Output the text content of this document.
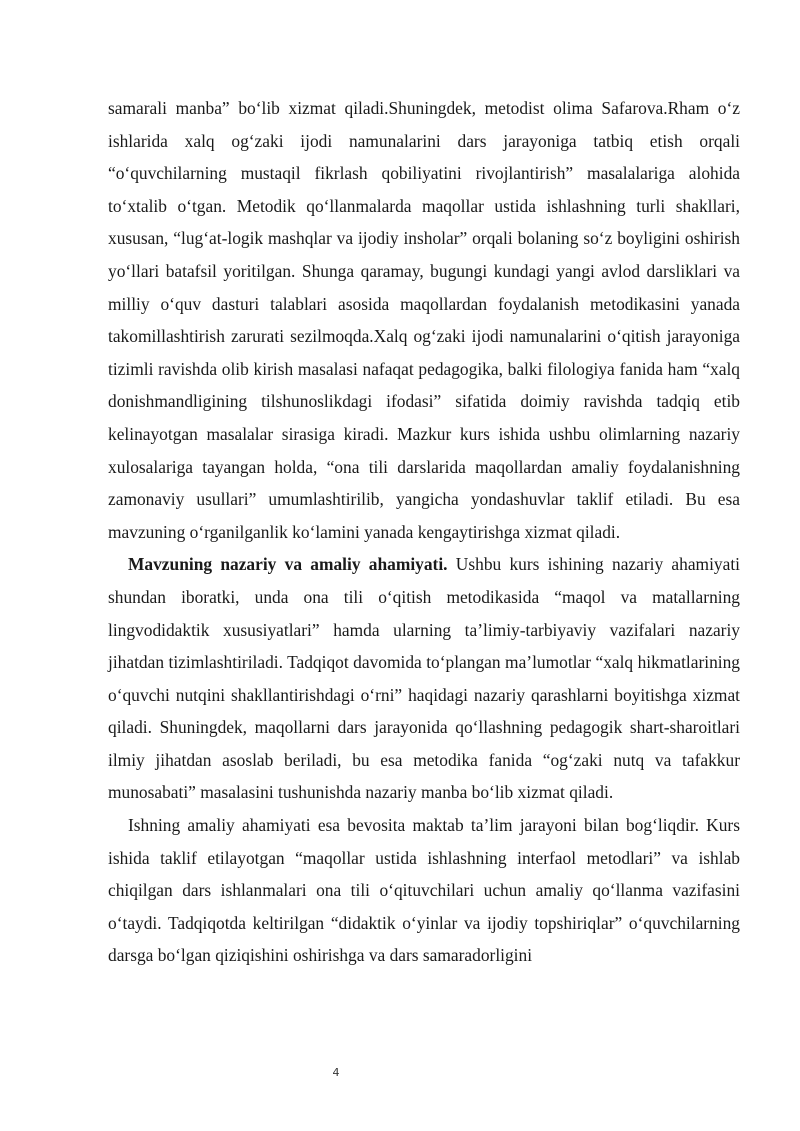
samarali manba” bo‘lib xizmat qiladi.Shuningdek, metodist olima Safarova.Rham o‘z ishlarida xalq og‘zaki ijodi namunalarini dars jarayoniga tatbiq etish orqali “o‘quvchilarning mustaqil fikrlash qobiliyatini rivojlantirish” masalalariga alohida to‘xtalib o‘tgan. Metodik qo‘llanmalarda maqollar ustida ishlashning turli shakllari, xususan, “lug‘at-logik mashqlar va ijodiy insholar” orqali bolaning so‘z boyligini oshirish yo‘llari batafsil yoritilgan. Shunga qaramay, bugungi kundagi yangi avlod darsliklari va milliy o‘quv dasturi talablari asosida maqollardan foydalanish metodikasini yanada takomillashtirish zarurati sezilmoqda.Xalq og‘zaki ijodi namunalarini o‘qitish jarayoniga tizimli ravishda olib kirish masalasi nafaqat pedagogika, balki filologiya fanida ham “xalq donishmandligining tilshunoslikdagi ifodasi” sifatida doimiy ravishda tadqiq etib kelinayotgan masalalar sirasiga kiradi. Mazkur kurs ishida ushbu olimlarning nazariy xulosalariga tayangan holda, “ona tili darslarida maqollardan amaliy foydalanishning zamonaviy usullari” umumlashtirilib, yangicha yondashuvlar taklif etiladi. Bu esa mavzuning o‘rganilganlik ko‘lamini yanada kengaytirishga xizmat qiladi.

Mavzuning nazariy va amaliy ahamiyati. Ushbu kurs ishining nazariy ahamiyati shundan iboratki, unda ona tili o‘qitish metodikasida “maqol va matallarning lingvodidaktik xususiyatlari” hamda ularning ta’limiy-tarbiyaviy vazifalari nazariy jihatdan tizimlashtiriladi. Tadqiqot davomida to‘plangan ma’lumotlar “xalq hikmatlarining o‘quvchi nutqini shakllantirishdagi o‘rni” haqidagi nazariy qarashlarni boyitishga xizmat qiladi. Shuningdek, maqollarni dars jarayonida qo‘llashning pedagogik shart-sharoitlari ilmiy jihatdan asoslab beriladi, bu esa metodika fanida “og‘zaki nutq va tafakkur munosabati” masalasini tushunishda nazariy manba bo‘lib xizmat qiladi.

Ishning amaliy ahamiyati esa bevosita maktab ta’lim jarayoni bilan bog‘liqdir. Kurs ishida taklif etilayotgan “maqollar ustida ishlashning interfaol metodlari” va ishlab chiqilgan dars ishlanmalari ona tili o‘qituvchilari uchun amaliy qo‘llanma vazifasini o‘taydi. Tadqiqotda keltirilgan “didaktik o‘yinlar va ijodiy topshiriqlar” o‘quvchilarning darsga bo‘lgan qiziqishini oshirishga va dars samaradorligini

4
